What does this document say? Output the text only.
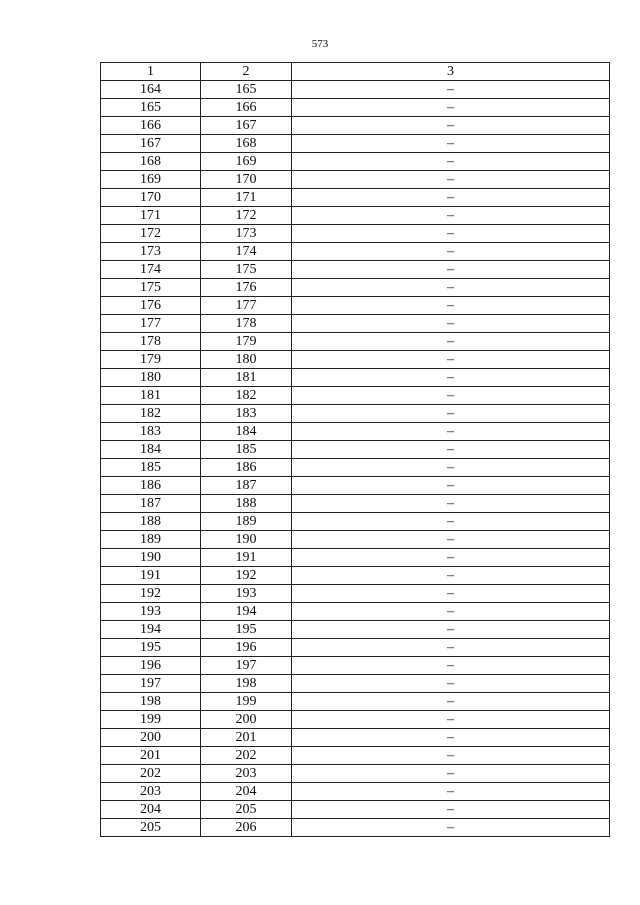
573
1	2	3
164	165	–
165	166	–
166	167	–
167	168	–
168	169	–
169	170	–
170	171	–
171	172	–
172	173	–
173	174	–
174	175	–
175	176	–
176	177	–
177	178	–
178	179	–
179	180	–
180	181	–
181	182	–
182	183	–
183	184	–
184	185	–
185	186	–
186	187	–
187	188	–
188	189	–
189	190	–
190	191	–
191	192	–
192	193	–
193	194	–
194	195	–
195	196	–
196	197	–
197	198	–
198	199	–
199	200	–
200	201	–
201	202	–
202	203	–
203	204	–
204	205	–
205	206	–
